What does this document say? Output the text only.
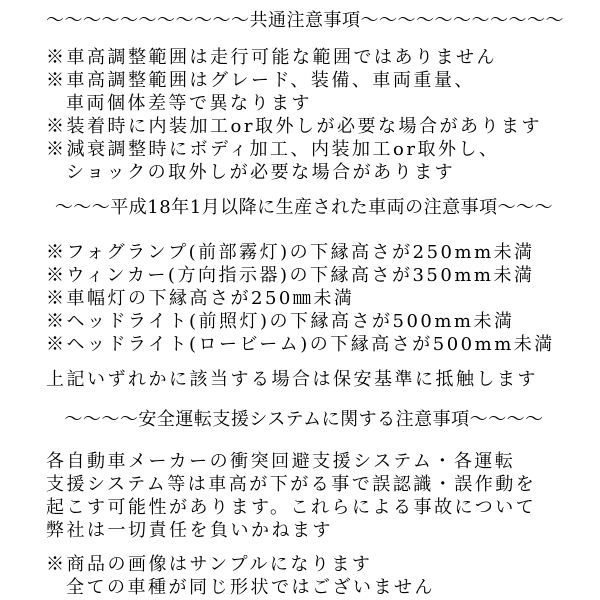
～～～～～～～～～～～共通注意事項～～～～～～～～～～～

※車高調整範囲は走行可能な範囲ではありません

※車高調整範囲はグレード、装備、車両重量、

車両個体差等で異なります

※装着時に内装加工or取外しが必要な場合があります

※減衰調整時にボディ加工、内装加工or取外し、

ショックの取外しが必要な場合があります

～～～平成18年1月以降に生産された車両の注意事項～～～

※フォグランプ(前部霧灯)の下縁高さが250mm未満

※ウィンカー(方向指示器)の下縁高さが350mm未満

※車幅灯の下縁高さが250㎜未満

※ヘッドライト(前照灯)の下縁高さが500mm未満

※ヘッドライト(ロービーム)の下縁高さが500mm未満

上記いずれかに該当する場合は保安基準に抵触します

～～～～安全運転支援システムに関する注意事項～～～～

各自動車メーカーの衝突回避支援システム・各運転

支援システム等は車高が下がる事で誤認識・誤作動を

起こす可能性があります。これらによる事故について

弊社は一切責任を負いかねます

※商品の画像はサンプルになります

全ての車種が同じ形状ではございません
